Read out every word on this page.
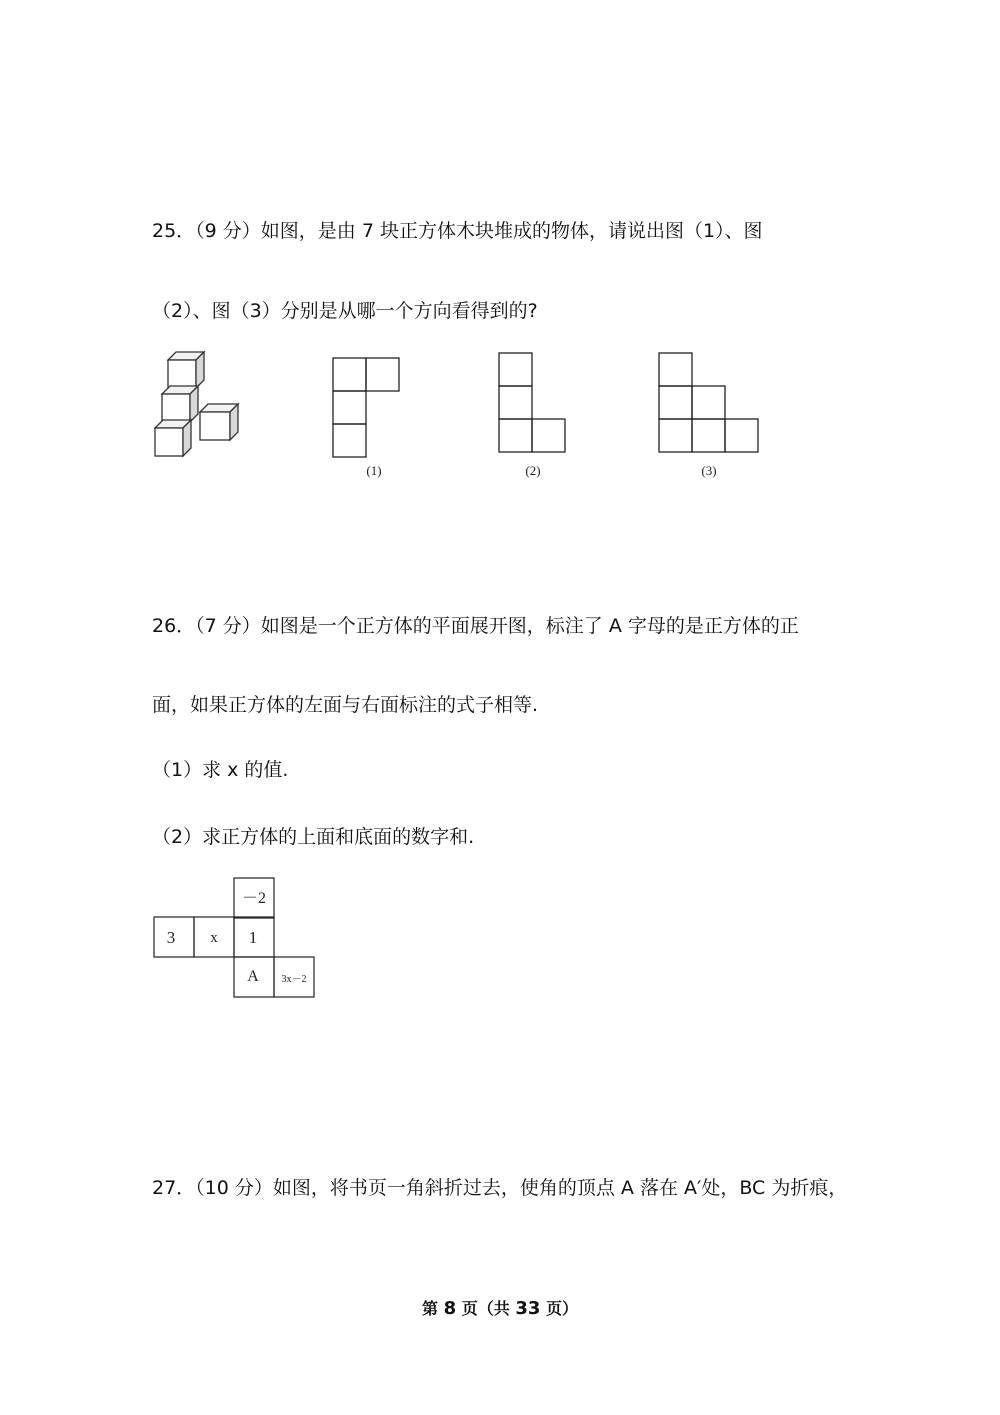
25．（9 分）如图，是由 7 块正方体木块堆成的物体，请说出图（1）、图
（2）、图（3）分别是从哪一个方向看得到的?
(1)	(2)	(3)
26．（7 分）如图是一个正方体的平面展开图，标注了 A 字母的是正方体的正
面，如果正方体的左面与右面标注的式子相等.
（1）求 x 的值.
（2）求正方体的上面和底面的数字和.
－2
3 x 1
A 3x－2
27．（10 分）如图，将书页一角斜折过去，使角的顶点 A 落在 A′处，BC 为折痕，
第 8 页（共 33 页）
